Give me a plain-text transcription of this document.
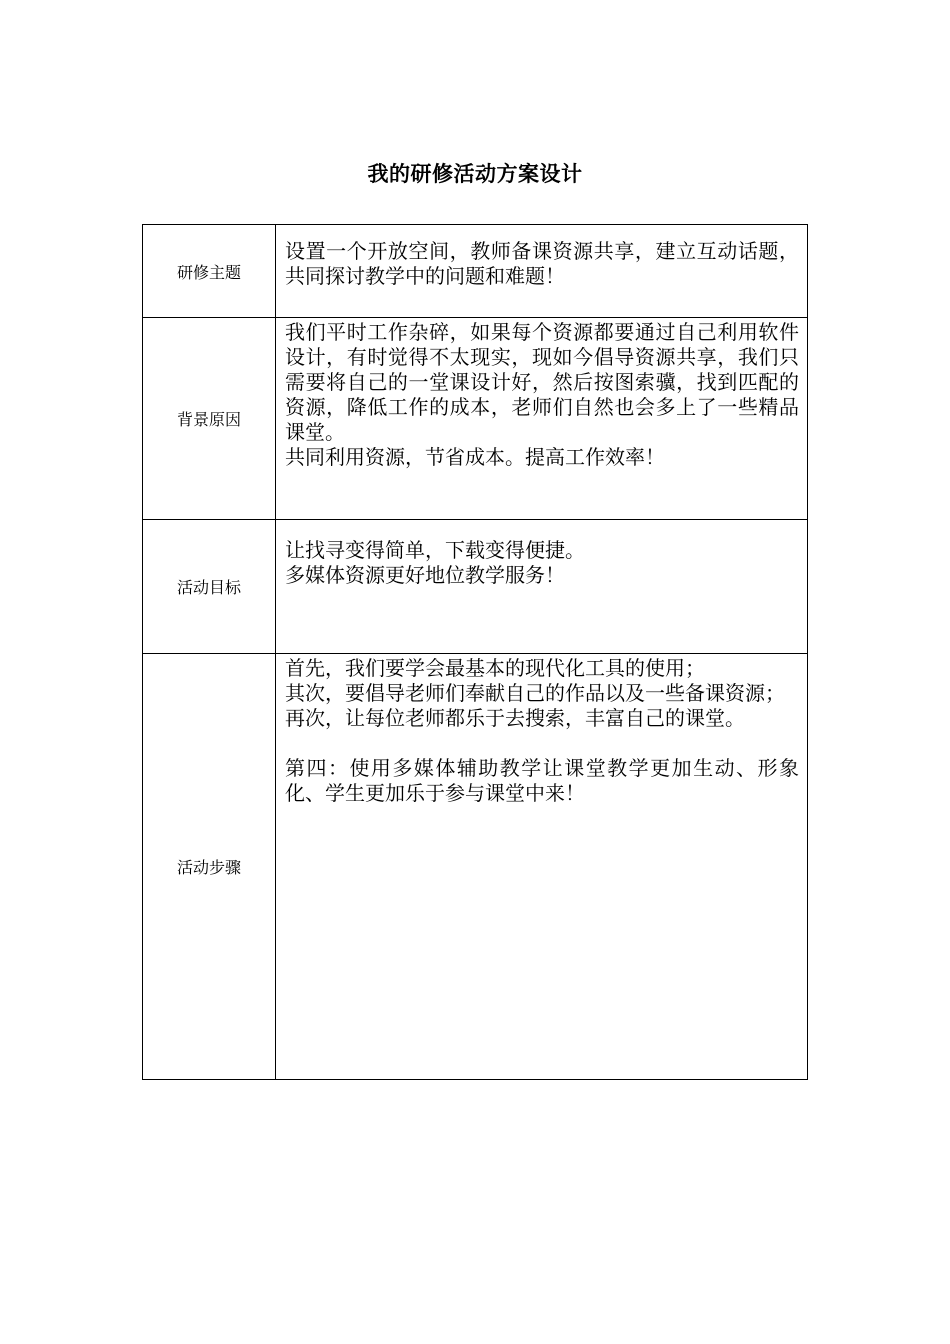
我的研修活动方案设计
研修主题	设置一个开放空间，教师备课资源共享，建立互动话题，共同探讨教学中的问题和难题！

背景原因	我们平时工作杂碎，如果每个资源都要通过自己利用软件设计，有时觉得不太现实，现如今倡导资源共享，我们只需要将自己的一堂课设计好，然后按图索骥，找到匹配的资源，降低工作的成本，老师们自然也会多上了一些精品课堂。
共同利用资源，节省成本。提高工作效率！

活动目标	让找寻变得简单，下载变得便捷。
多媒体资源更好地位教学服务！

活动步骤	首先，我们要学会最基本的现代化工具的使用；
其次，要倡导老师们奉献自己的作品以及一些备课资源；
再次，让每位老师都乐于去搜索，丰富自己的课堂。
第四：使用多媒体辅助教学让课堂教学更加生动、形象化、学生更加乐于参与课堂中来！
